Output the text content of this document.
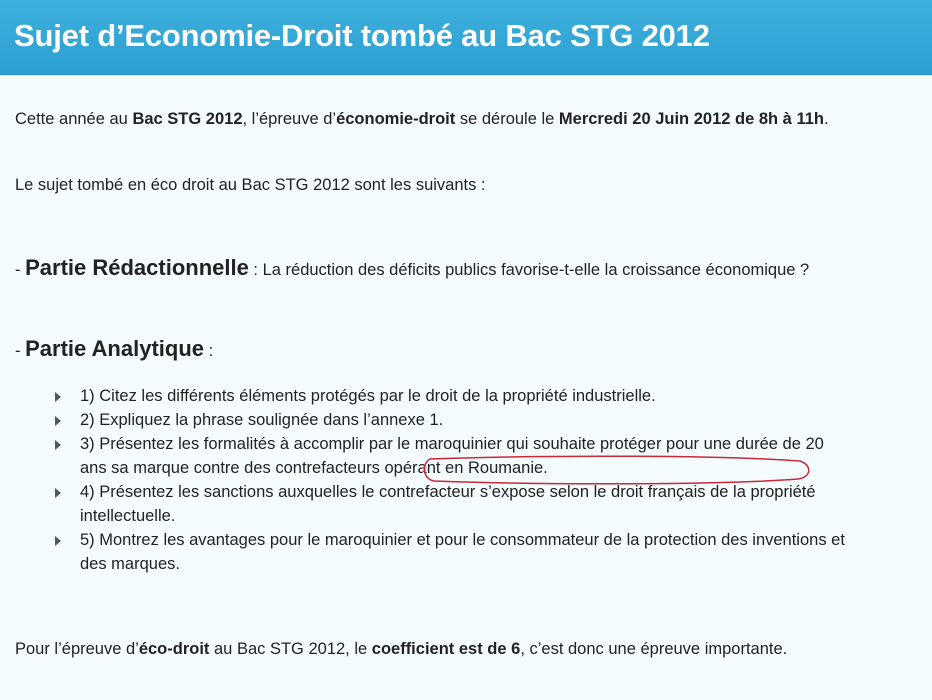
Sujet d’Economie-Droit tombé au Bac STG 2012
Cette année au Bac STG 2012, l’épreuve d’économie-droit se déroule le Mercredi 20 Juin 2012 de 8h à 11h.
Le sujet tombé en éco droit au Bac STG 2012 sont les suivants :
- Partie Rédactionnelle : La réduction des déficits publics favorise-t-elle la croissance économique ?
- Partie Analytique :
1) Citez les différents éléments protégés par le droit de la propriété industrielle.
2) Expliquez la phrase soulignée dans l’annexe 1.
3) Présentez les formalités à accomplir par le maroquinier qui souhaite protéger pour une durée de 20 ans sa marque contre des contrefacteurs opérant en Roumanie.
4) Présentez les sanctions auxquelles le contrefacteur s’expose selon le droit français de la propriété intellectuelle.
5) Montrez les avantages pour le maroquinier et pour le consommateur de la protection des inventions et des marques.
Pour l’épreuve d’éco-droit au Bac STG 2012, le coefficient est de 6, c’est donc une épreuve importante.
